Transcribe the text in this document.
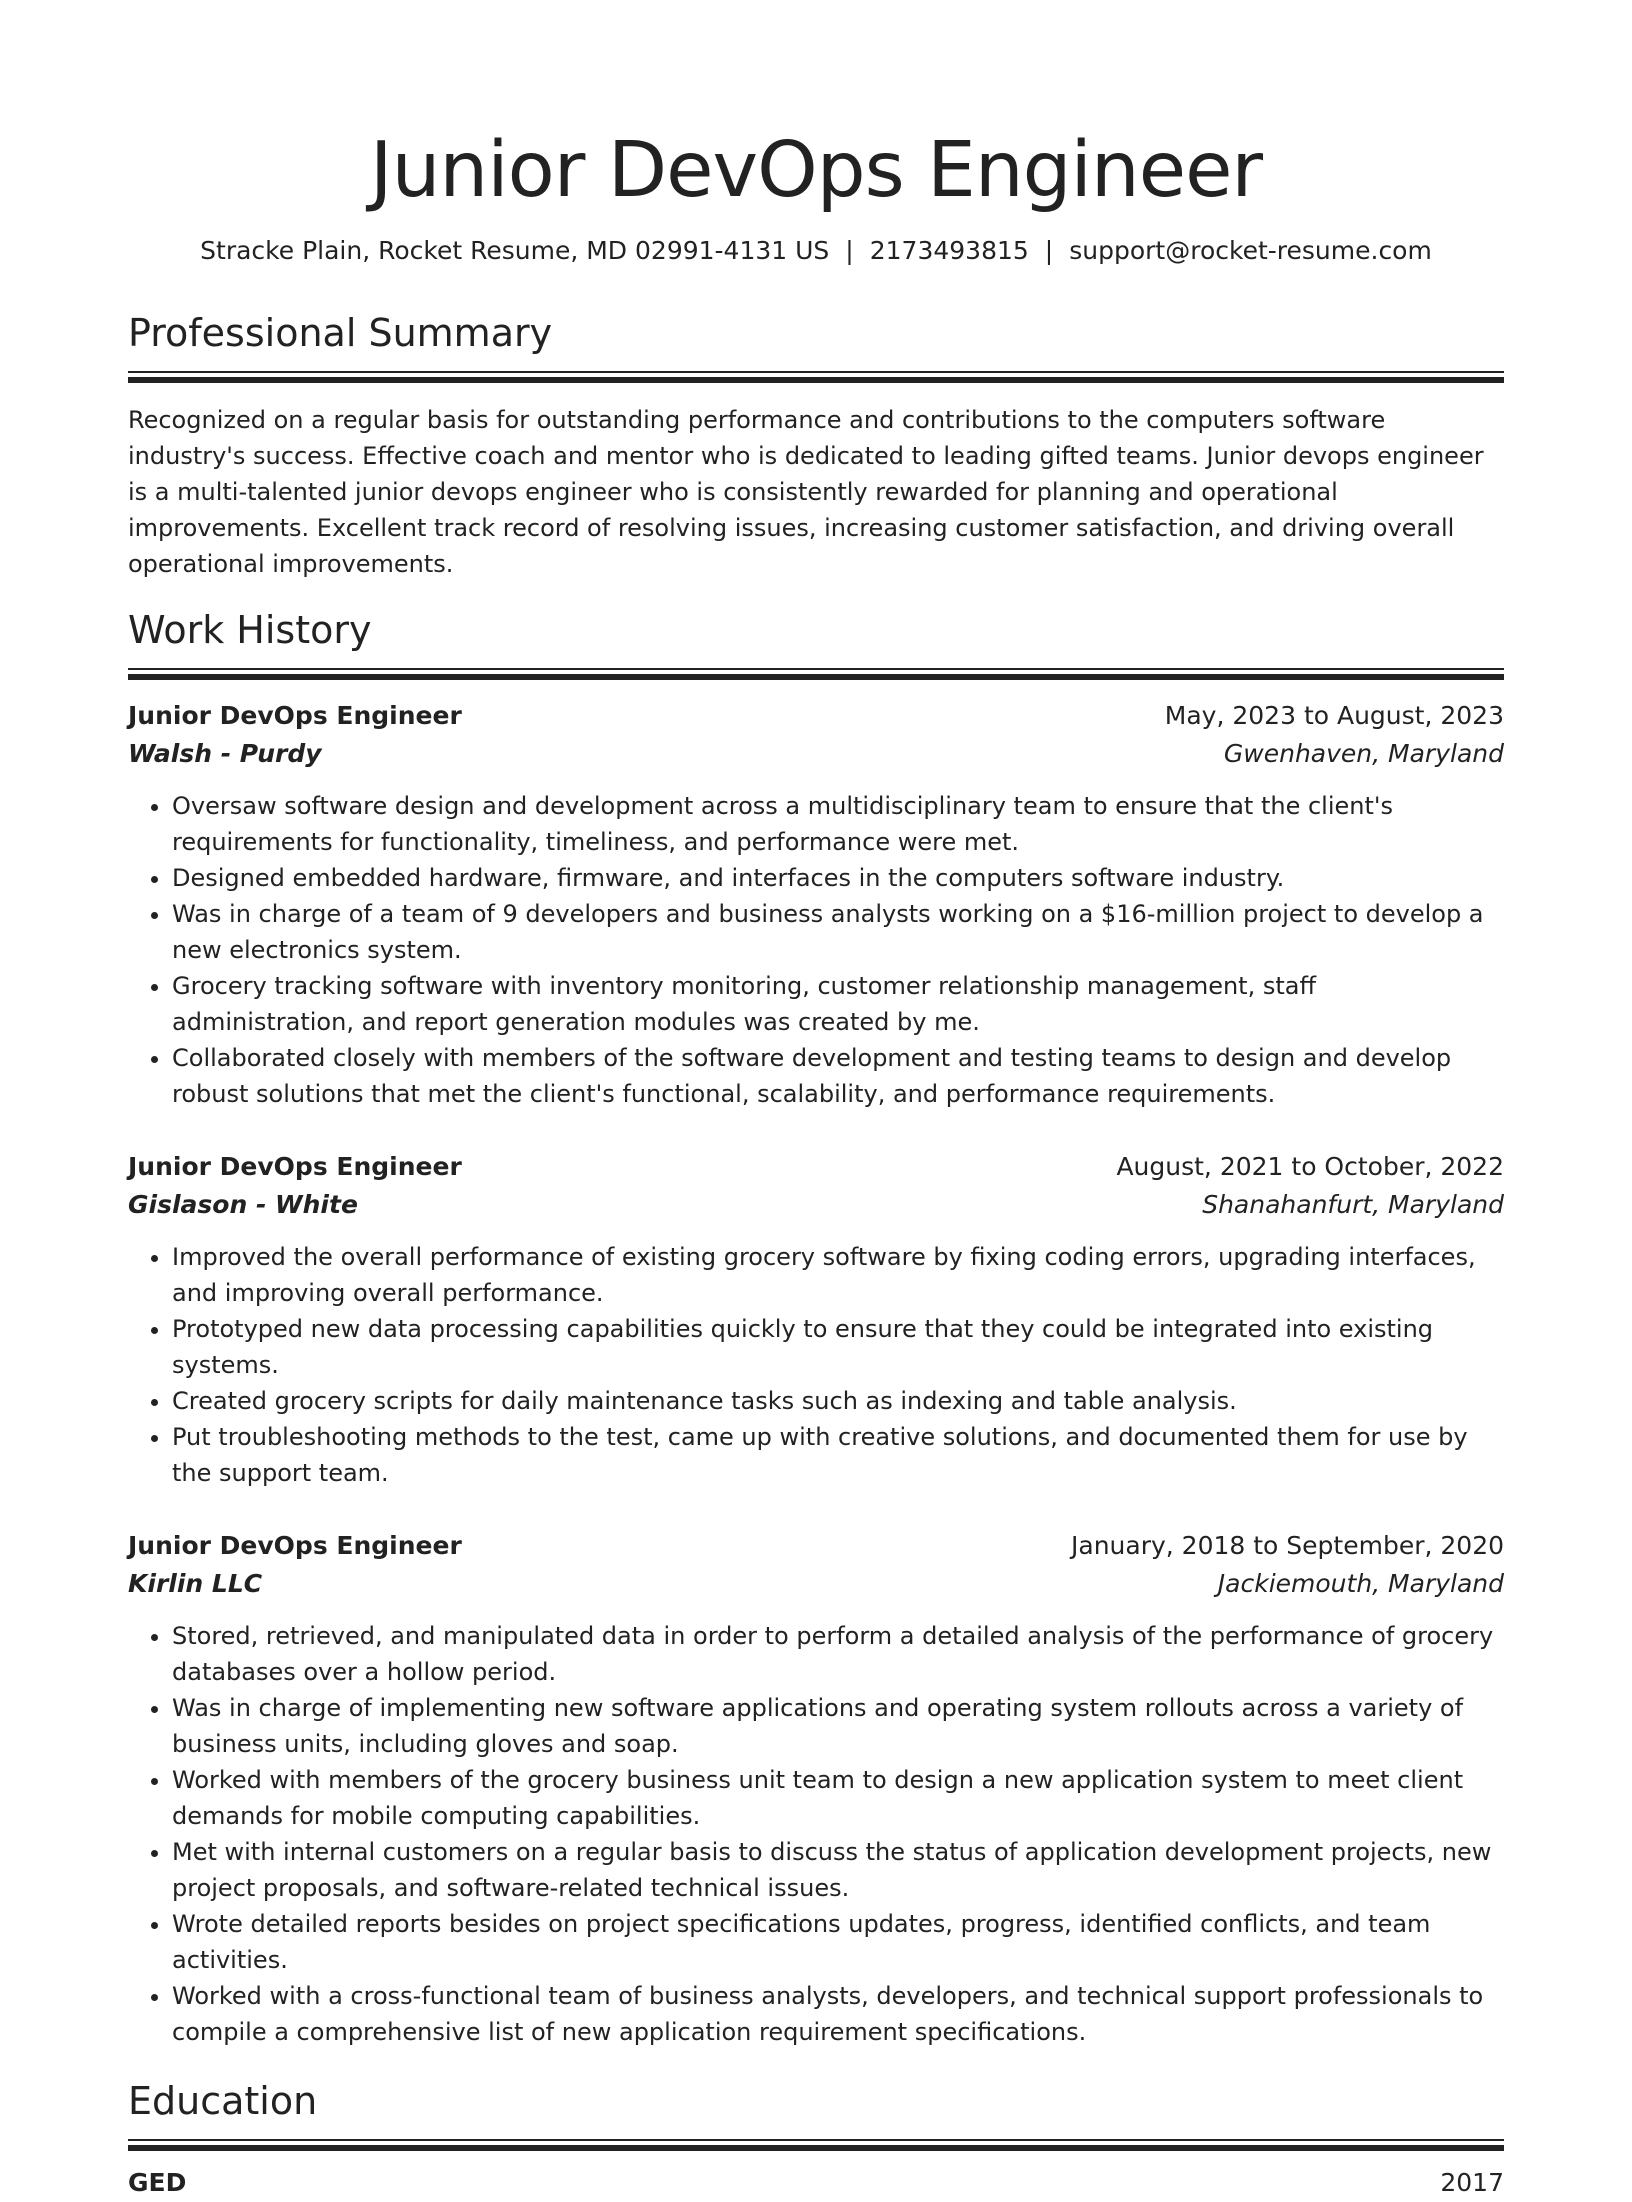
Junior DevOps Engineer
Stracke Plain, Rocket Resume, MD 02991-4131 US | 2173493815 | support@rocket-resume.com
Professional Summary

Recognized on a regular basis for outstanding performance and contributions to the computers software industry's success. Effective coach and mentor who is dedicated to leading gifted teams. Junior devops engineer is a multi-talented junior devops engineer who is consistently rewarded for planning and operational improvements. Excellent track record of resolving issues, increasing customer satisfaction, and driving overall operational improvements.

Work History
Junior DevOps Engineer	May, 2023 to August, 2023
Walsh - Purdy	Gwenhaven, Maryland
• Oversaw software design and development across a multidisciplinary team to ensure that the client's requirements for functionality, timeliness, and performance were met.
• Designed embedded hardware, firmware, and interfaces in the computers software industry.
• Was in charge of a team of 9 developers and business analysts working on a $16-million project to develop a new electronics system.
• Grocery tracking software with inventory monitoring, customer relationship management, staff administration, and report generation modules was created by me.
• Collaborated closely with members of the software development and testing teams to design and develop robust solutions that met the client's functional, scalability, and performance requirements.
Junior DevOps Engineer	August, 2021 to October, 2022
Gislason - White	Shanahanfurt, Maryland
• Improved the overall performance of existing grocery software by fixing coding errors, upgrading interfaces, and improving overall performance.
• Prototyped new data processing capabilities quickly to ensure that they could be integrated into existing systems.
• Created grocery scripts for daily maintenance tasks such as indexing and table analysis.
• Put troubleshooting methods to the test, came up with creative solutions, and documented them for use by the support team.
Junior DevOps Engineer	January, 2018 to September, 2020
Kirlin LLC	Jackiemouth, Maryland
• Stored, retrieved, and manipulated data in order to perform a detailed analysis of the performance of grocery databases over a hollow period.
• Was in charge of implementing new software applications and operating system rollouts across a variety of business units, including gloves and soap.
• Worked with members of the grocery business unit team to design a new application system to meet client demands for mobile computing capabilities.
• Met with internal customers on a regular basis to discuss the status of application development projects, new project proposals, and software-related technical issues.
• Wrote detailed reports besides on project specifications updates, progress, identified conflicts, and team activities.
• Worked with a cross-functional team of business analysts, developers, and technical support professionals to compile a comprehensive list of new application requirement specifications.
Education
GED	2017
